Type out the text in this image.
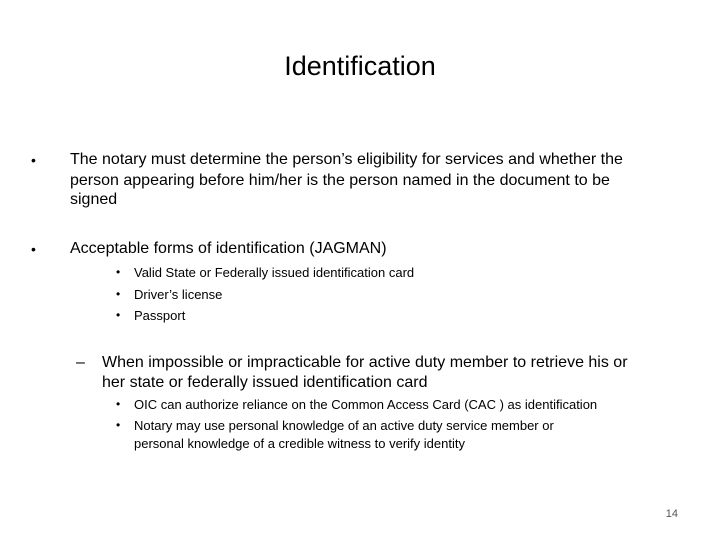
Identification
• The notary must determine the person’s eligibility for services and whether the
person appearing before him/her is the person named in the document to be
signed
• Acceptable forms of identification (JAGMAN)
• Valid State or Federally issued identification card
• Driver’s license
• Passport
– When impossible or impracticable for active duty member to retrieve his or
her state or federally issued identification card
• OIC can authorize reliance on the Common Access Card (CAC ) as identification
• Notary may use personal knowledge of an active duty service member or
personal knowledge of a credible witness to verify identity
14
